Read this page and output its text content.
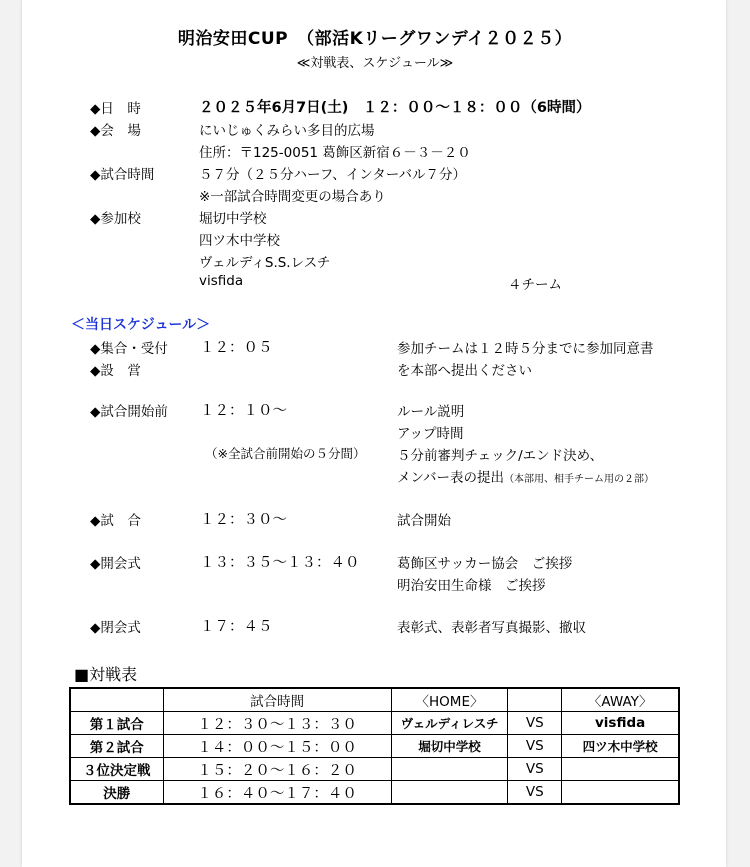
明治安田CUP　（部活Kリーグワンデイ２０２５）
≪対戦表、スケジュール≫
◆日　時	２０２５年6月7日(土)　１２：００～１８：００（6時間）
◆会　場	にいじゅくみらい多目的広場
住所：〒125-0051 葛飾区新宿６－３－２０
◆試合時間	５７分（２５分ハーフ、インターバル７分）
※一部試合時間変更の場合あり
◆参加校	堀切中学校
四ツ木中学校
ヴェルディS.S.レスチ
visfida	４チーム
＜当日スケジュール＞
◆集合・受付 １２：０５	参加チームは１２時５分までに参加同意書
◆設　営	を本部へ提出ください
◆試合開始前 １２：１０～	ルール説明
アップ時間
（※全試合前開始の５分間） ５分前審判チェック/エンド決め、
メンバー表の提出（本部用、相手チーム用の２部）
◆試　合	１２：３０～	試合開始
◆開会式	１３：３５～１３：４０	葛飾区サッカー協会　ご挨拶
明治安田生命様　ご挨拶
◆閉会式	１７：４５	表彰式、表彰者写真撮影、撤収
■対戦表
	試合時間	〈HOME〉		〈AWAY〉
第１試合	１２：３０～１３：３０	ヴェルディレスチ	VS	visfida
第２試合	１４：００～１５：００	堀切中学校	VS	四ツ木中学校
３位決定戦	１５：２０～１６：２０		VS	
決勝	１６：４０～１７：４０		VS	
